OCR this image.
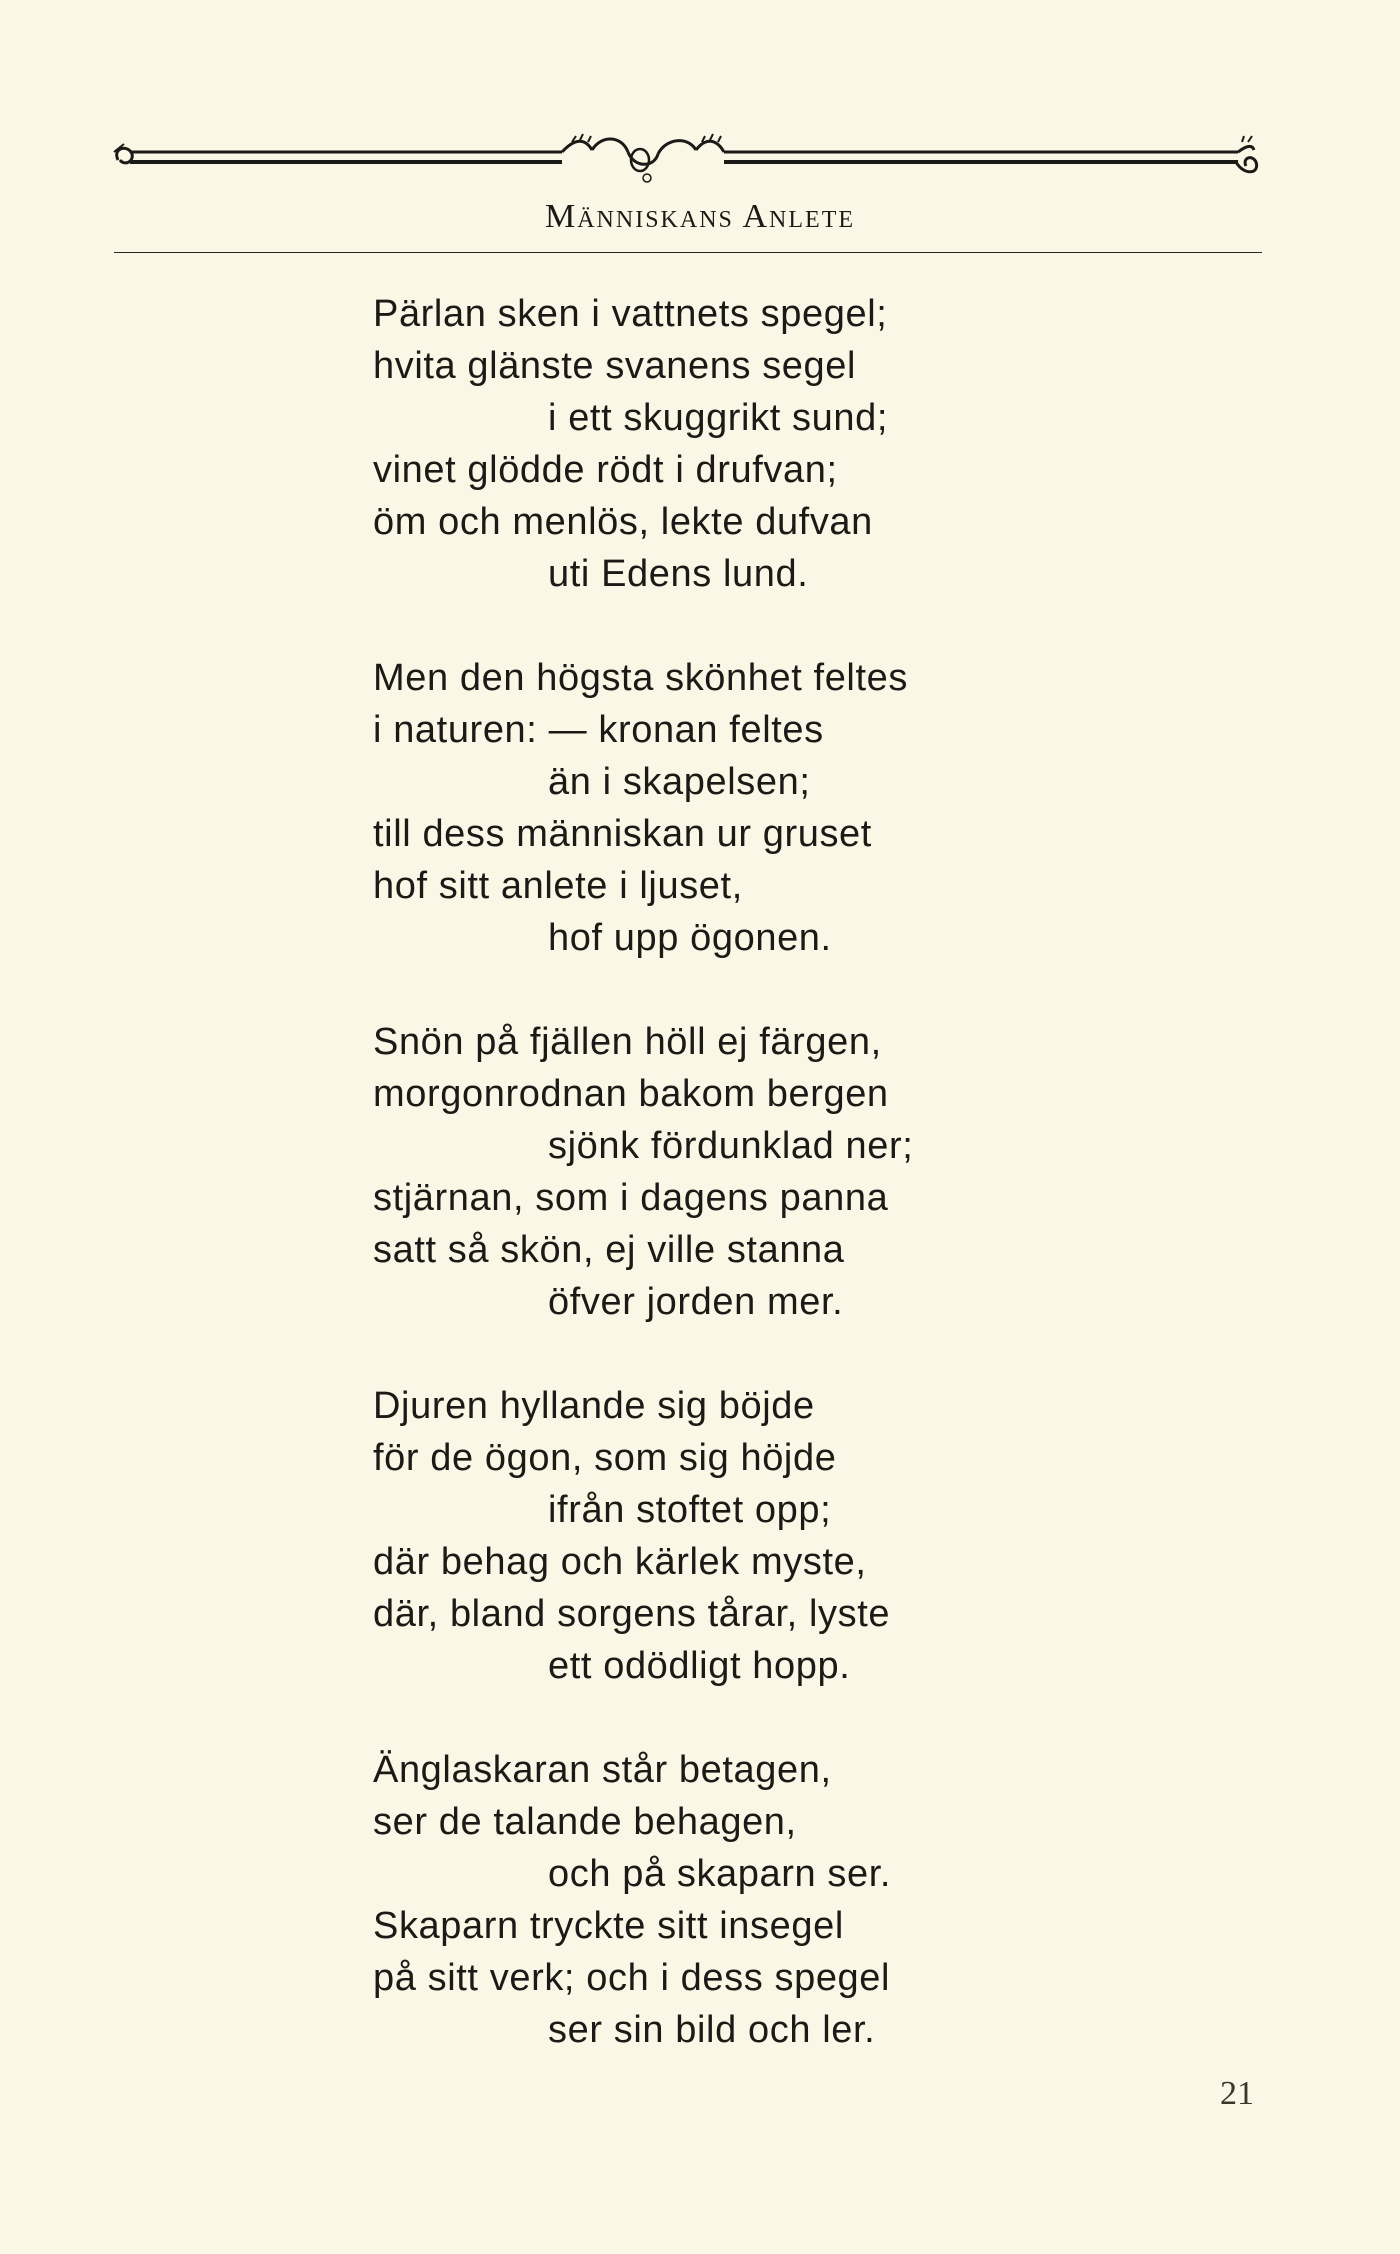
Människans Anlete
Pärlan sken i vattnets spegel;
hvita glänste svanens segel
i ett skuggrikt sund;
vinet glödde rödt i drufvan;
öm och menlös, lekte dufvan
uti Edens lund.
Men den högsta skönhet feltes
i naturen: — kronan feltes
än i skapelsen;
till dess människan ur gruset
hof sitt anlete i ljuset,
hof upp ögonen.
Snön på fjällen höll ej färgen,
morgonrodnan bakom bergen
sjönk fördunklad ner;
stjärnan, som i dagens panna
satt så skön, ej ville stanna
öfver jorden mer.
Djuren hyllande sig böjde
för de ögon, som sig höjde
ifrån stoftet opp;
där behag och kärlek myste,
där, bland sorgens tårar, lyste
ett odödligt hopp.
Änglaskaran står betagen,
ser de talande behagen,
och på skaparn ser.
Skaparn tryckte sitt insegel
på sitt verk; och i dess spegel
ser sin bild och ler.
21
